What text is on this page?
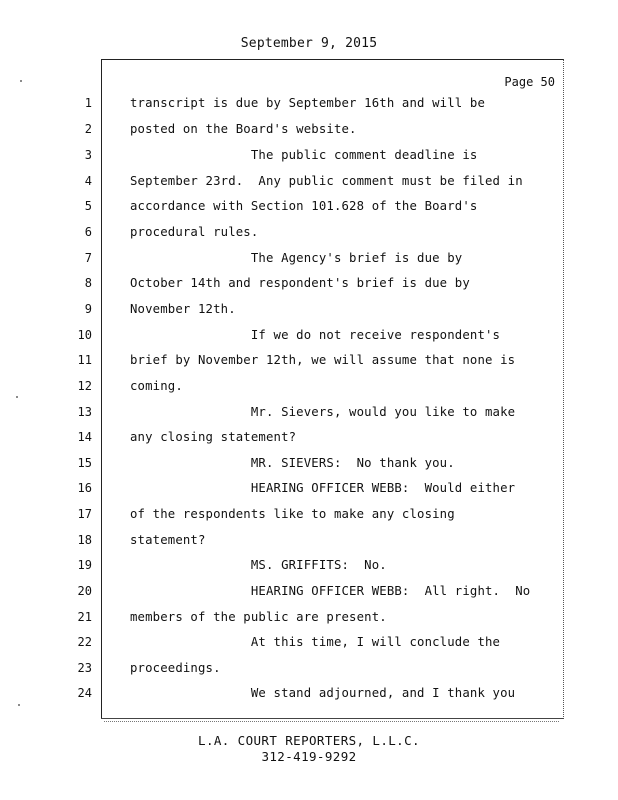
September 9, 2015
Page 50
1	transcript is due by September 16th and will be
2	posted on the Board's website.
3	The public comment deadline is
4	September 23rd.  Any public comment must be filed in
5	accordance with Section 101.628 of the Board's
6	procedural rules.
7	The Agency's brief is due by
8	October 14th and respondent's brief is due by
9	November 12th.
10	If we do not receive respondent's
11	brief by November 12th, we will assume that none is
12	coming.
13	Mr. Sievers, would you like to make
14	any closing statement?
15	MR. SIEVERS:  No thank you.
16	HEARING OFFICER WEBB:  Would either
17	of the respondents like to make any closing
18	statement?
19	MS. GRIFFITS:  No.
20	HEARING OFFICER WEBB:  All right.  No
21	members of the public are present.
22	At this time, I will conclude the
23	proceedings.
24	We stand adjourned, and I thank you
L.A. COURT REPORTERS, L.L.C.
312-419-9292
